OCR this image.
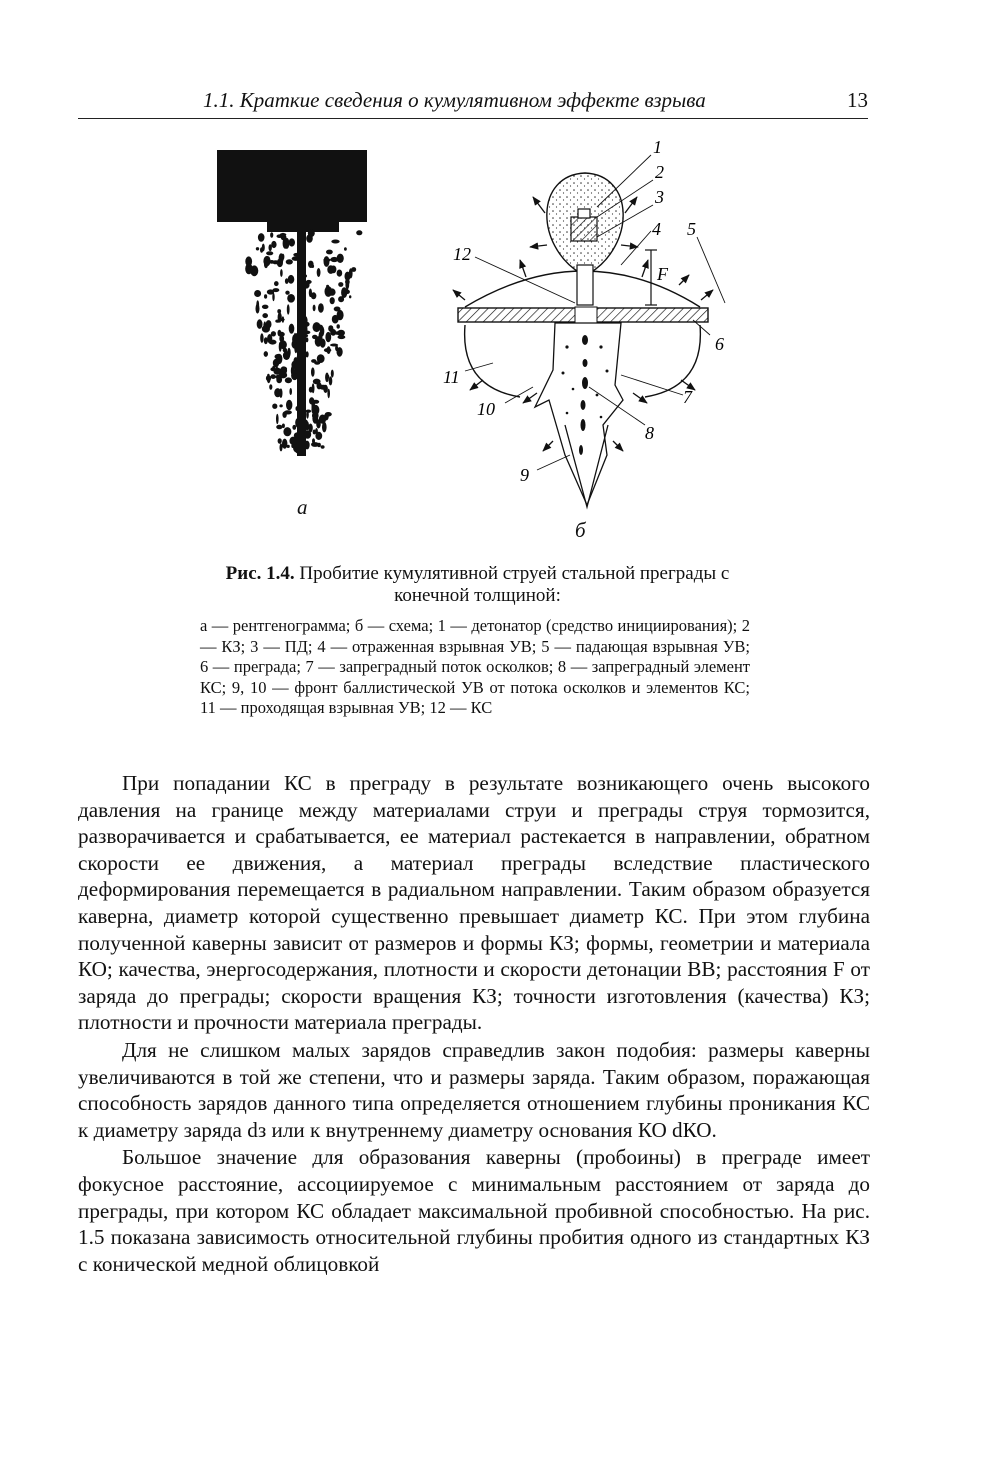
1.1. Краткие сведения о кумулятивном эффекте взрыва	13
1
2
3
4 5
6
7
8
9
10
11
12
F
а
б
Рис. 1.4. Пробитие кумулятивной струей стальной преграды с конечной толщиной:

а — рентгенограмма; б — схема; 1 — детонатор (средство инициирования); 2 — КЗ; 3 — ПД; 4 — отраженная взрывная УВ; 5 — падающая взрывная УВ; 6 — преграда; 7 — запреградный поток осколков; 8 — запреградный элемент КС; 9, 10 — фронт баллистической УВ от потока осколков и элементов КС; 11 — проходящая взрывная УВ; 12 — КС

При попадании КС в преграду в результате возникающего очень высокого давления на границе между материалами струи и преграды струя тормозится, разворачивается и срабатывается, ее материал растекается в направлении, обратном скорости ее движения, а материал преграды вследствие пластического деформирования перемещается в радиальном направлении. Таким образом образуется каверна, диаметр которой существенно превышает диаметр КС. При этом глубина полученной каверны зависит от размеров и формы КЗ; формы, геометрии и материала КО; качества, энергосодержания, плотности и скорости детонации ВВ; расстояния F от заряда до преграды; скорости вращения КЗ; точности изготовления (качества) КЗ; плотности и прочности материала преграды.

Для не слишком малых зарядов справедлив закон подобия: размеры каверны увеличиваются в той же степени, что и размеры заряда. Таким образом, поражающая способность зарядов данного типа определяется отношением глубины проникания КС к диаметру заряда dз или к внутреннему диаметру основания КО dКО.

Большое значение для образования каверны (пробоины) в преграде имеет фокусное расстояние, ассоциируемое с минимальным расстоянием от заряда до преграды, при котором КС обладает максимальной пробивной способностью. На рис. 1.5 показана зависимость относительной глубины пробития одного из стандартных КЗ с конической медной облицовкой
